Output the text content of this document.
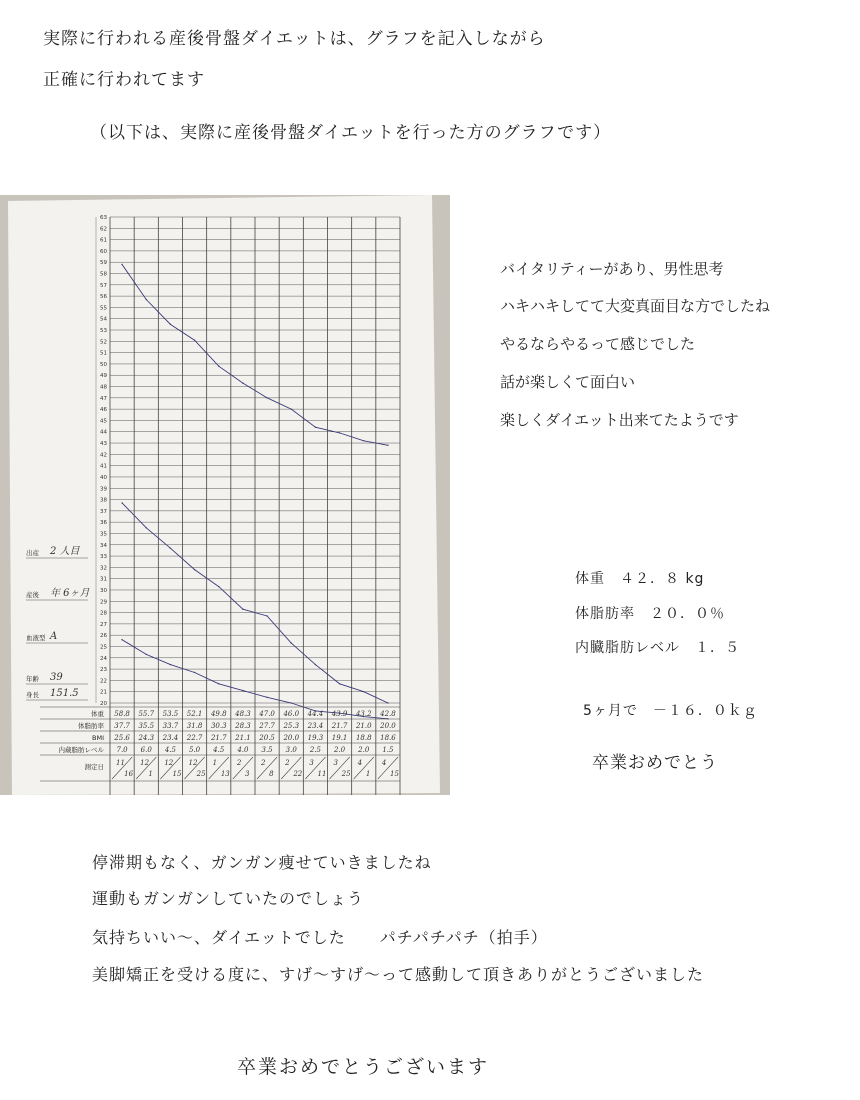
実際に行われる産後骨盤ダイエットは、グラフを記入しながら
正確に行われてます
（以下は、実際に産後骨盤ダイエットを行った方のグラフです）
20
21
22
23
24
25
26
27
28
29
30
31
32
33
34
35
36
37
38
39
40
41
42
43
44
45
46
47
48
49
50
51
52
53
54
55
56
57
58
59
60
61
62
63
体重 58.8 55.7 53.5 52.1 49.8 48.3 47.0 46.0 44.4 43.9 43.2 42.8
体脂肪率 37.7 35.5 33.7 31.8 30.3 28.3 27.7 25.3 23.4 21.7 21.0 20.0
BMI 25.6 24.3 23.4 22.7 21.7 21.1 20.5 20.0 19.3 19.1 18.8 18.6
内蔵脂肪レベル 7.0 6.0 4.5 5.0 4.5 4.0 3.5 3.0 2.5 2.0 2.0 1.5
測定日 11
16
12
1
12
15
12
25
1
13
2
3
2
8
2
22
3
11
3
25
4
1
4
15
出産 2 人目
産後 年 6ヶ月
血液型 A
年齢 39
身長 151.5
バイタリティーがあり、男性思考
ハキハキしてて大変真面目な方でしたね
やるならやるって感じでした
話が楽しくて面白い
楽しくダイエット出来てたようです
体重　４２．８ kg
体脂肪率　２０．０％
内臓脂肪レベル　１．５
5ヶ月で　－１６．０ｋｇ
卒業おめでとう
停滞期もなく、ガンガン痩せていきましたね
運動もガンガンしていたのでしょう
気持ちいい～、ダイエットでした　　パチパチパチ（拍手）
美脚矯正を受ける度に、すげ～すげ～って感動して頂きありがとうございました
卒業おめでとうございます
